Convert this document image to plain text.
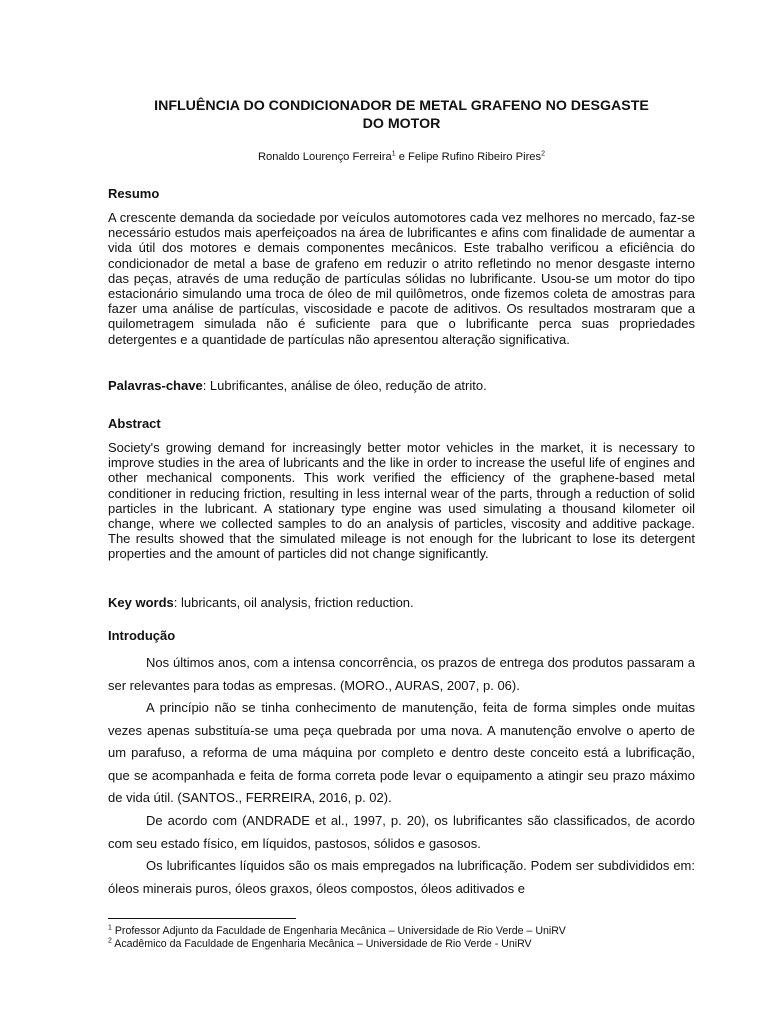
INFLUÊNCIA DO CONDICIONADOR DE METAL GRAFENO NO DESGASTE
DO MOTOR
Ronaldo Lourenço Ferreira$^1$ e Felipe Rufino Ribeiro Pires$^2$
Resumo

A crescente demanda da sociedade por veículos automotores cada vez melhores no mercado, faz-se necessário estudos mais aperfeiçoados na área de lubrificantes e afins com finalidade de aumentar a vida útil dos motores e demais componentes mecânicos. Este trabalho verificou a eficiência do condicionador de metal a base de grafeno em reduzir o atrito refletindo no menor desgaste interno das peças, através de uma redução de partículas sólidas no lubrificante. Usou-se um motor do tipo estacionário simulando uma troca de óleo de mil quilômetros, onde fizemos coleta de amostras para fazer uma análise de partículas, viscosidade e pacote de aditivos. Os resultados mostraram que a quilometragem simulada não é suficiente para que o lubrificante perca suas propriedades detergentes e a quantidade de partículas não apresentou alteração significativa.

Palavras-chave: Lubrificantes, análise de óleo, redução de atrito.
Abstract

Society's growing demand for increasingly better motor vehicles in the market, it is necessary to improve studies in the area of lubricants and the like in order to increase the useful life of engines and other mechanical components. This work verified the efficiency of the graphene-based metal conditioner in reducing friction, resulting in less internal wear of the parts, through a reduction of solid particles in the lubricant. A stationary type engine was used simulating a thousand kilometer oil change, where we collected samples to do an analysis of particles, viscosity and additive package. The results showed that the simulated mileage is not enough for the lubricant to lose its detergent properties and the amount of particles did not change significantly.

Key words: lubricants, oil analysis, friction reduction.
Introdução

Nos últimos anos, com a intensa concorrência, os prazos de entrega dos produtos passaram a ser relevantes para todas as empresas. (MORO., AURAS, 2007, p. 06).

A princípio não se tinha conhecimento de manutenção, feita de forma simples onde muitas vezes apenas substituía-se uma peça quebrada por uma nova. A manutenção envolve o aperto de um parafuso, a reforma de uma máquina por completo e dentro deste conceito está a lubrificação, que se acompanhada e feita de forma correta pode levar o equipamento a atingir seu prazo máximo de vida útil. (SANTOS., FERREIRA, 2016, p. 02).

De acordo com (ANDRADE et al., 1997, p. 20), os lubrificantes são classificados, de acordo com seu estado físico, em líquidos, pastosos, sólidos e gasosos.

Os lubrificantes líquidos são os mais empregados na lubrificação. Podem ser subdivididos em: óleos minerais puros, óleos graxos, óleos compostos, óleos aditivados e

$^1$ Professor Adjunto da Faculdade de Engenharia Mecânica – Universidade de Rio Verde – UniRV
$^2$ Acadêmico da Faculdade de Engenharia Mecânica – Universidade de Rio Verde - UniRV
